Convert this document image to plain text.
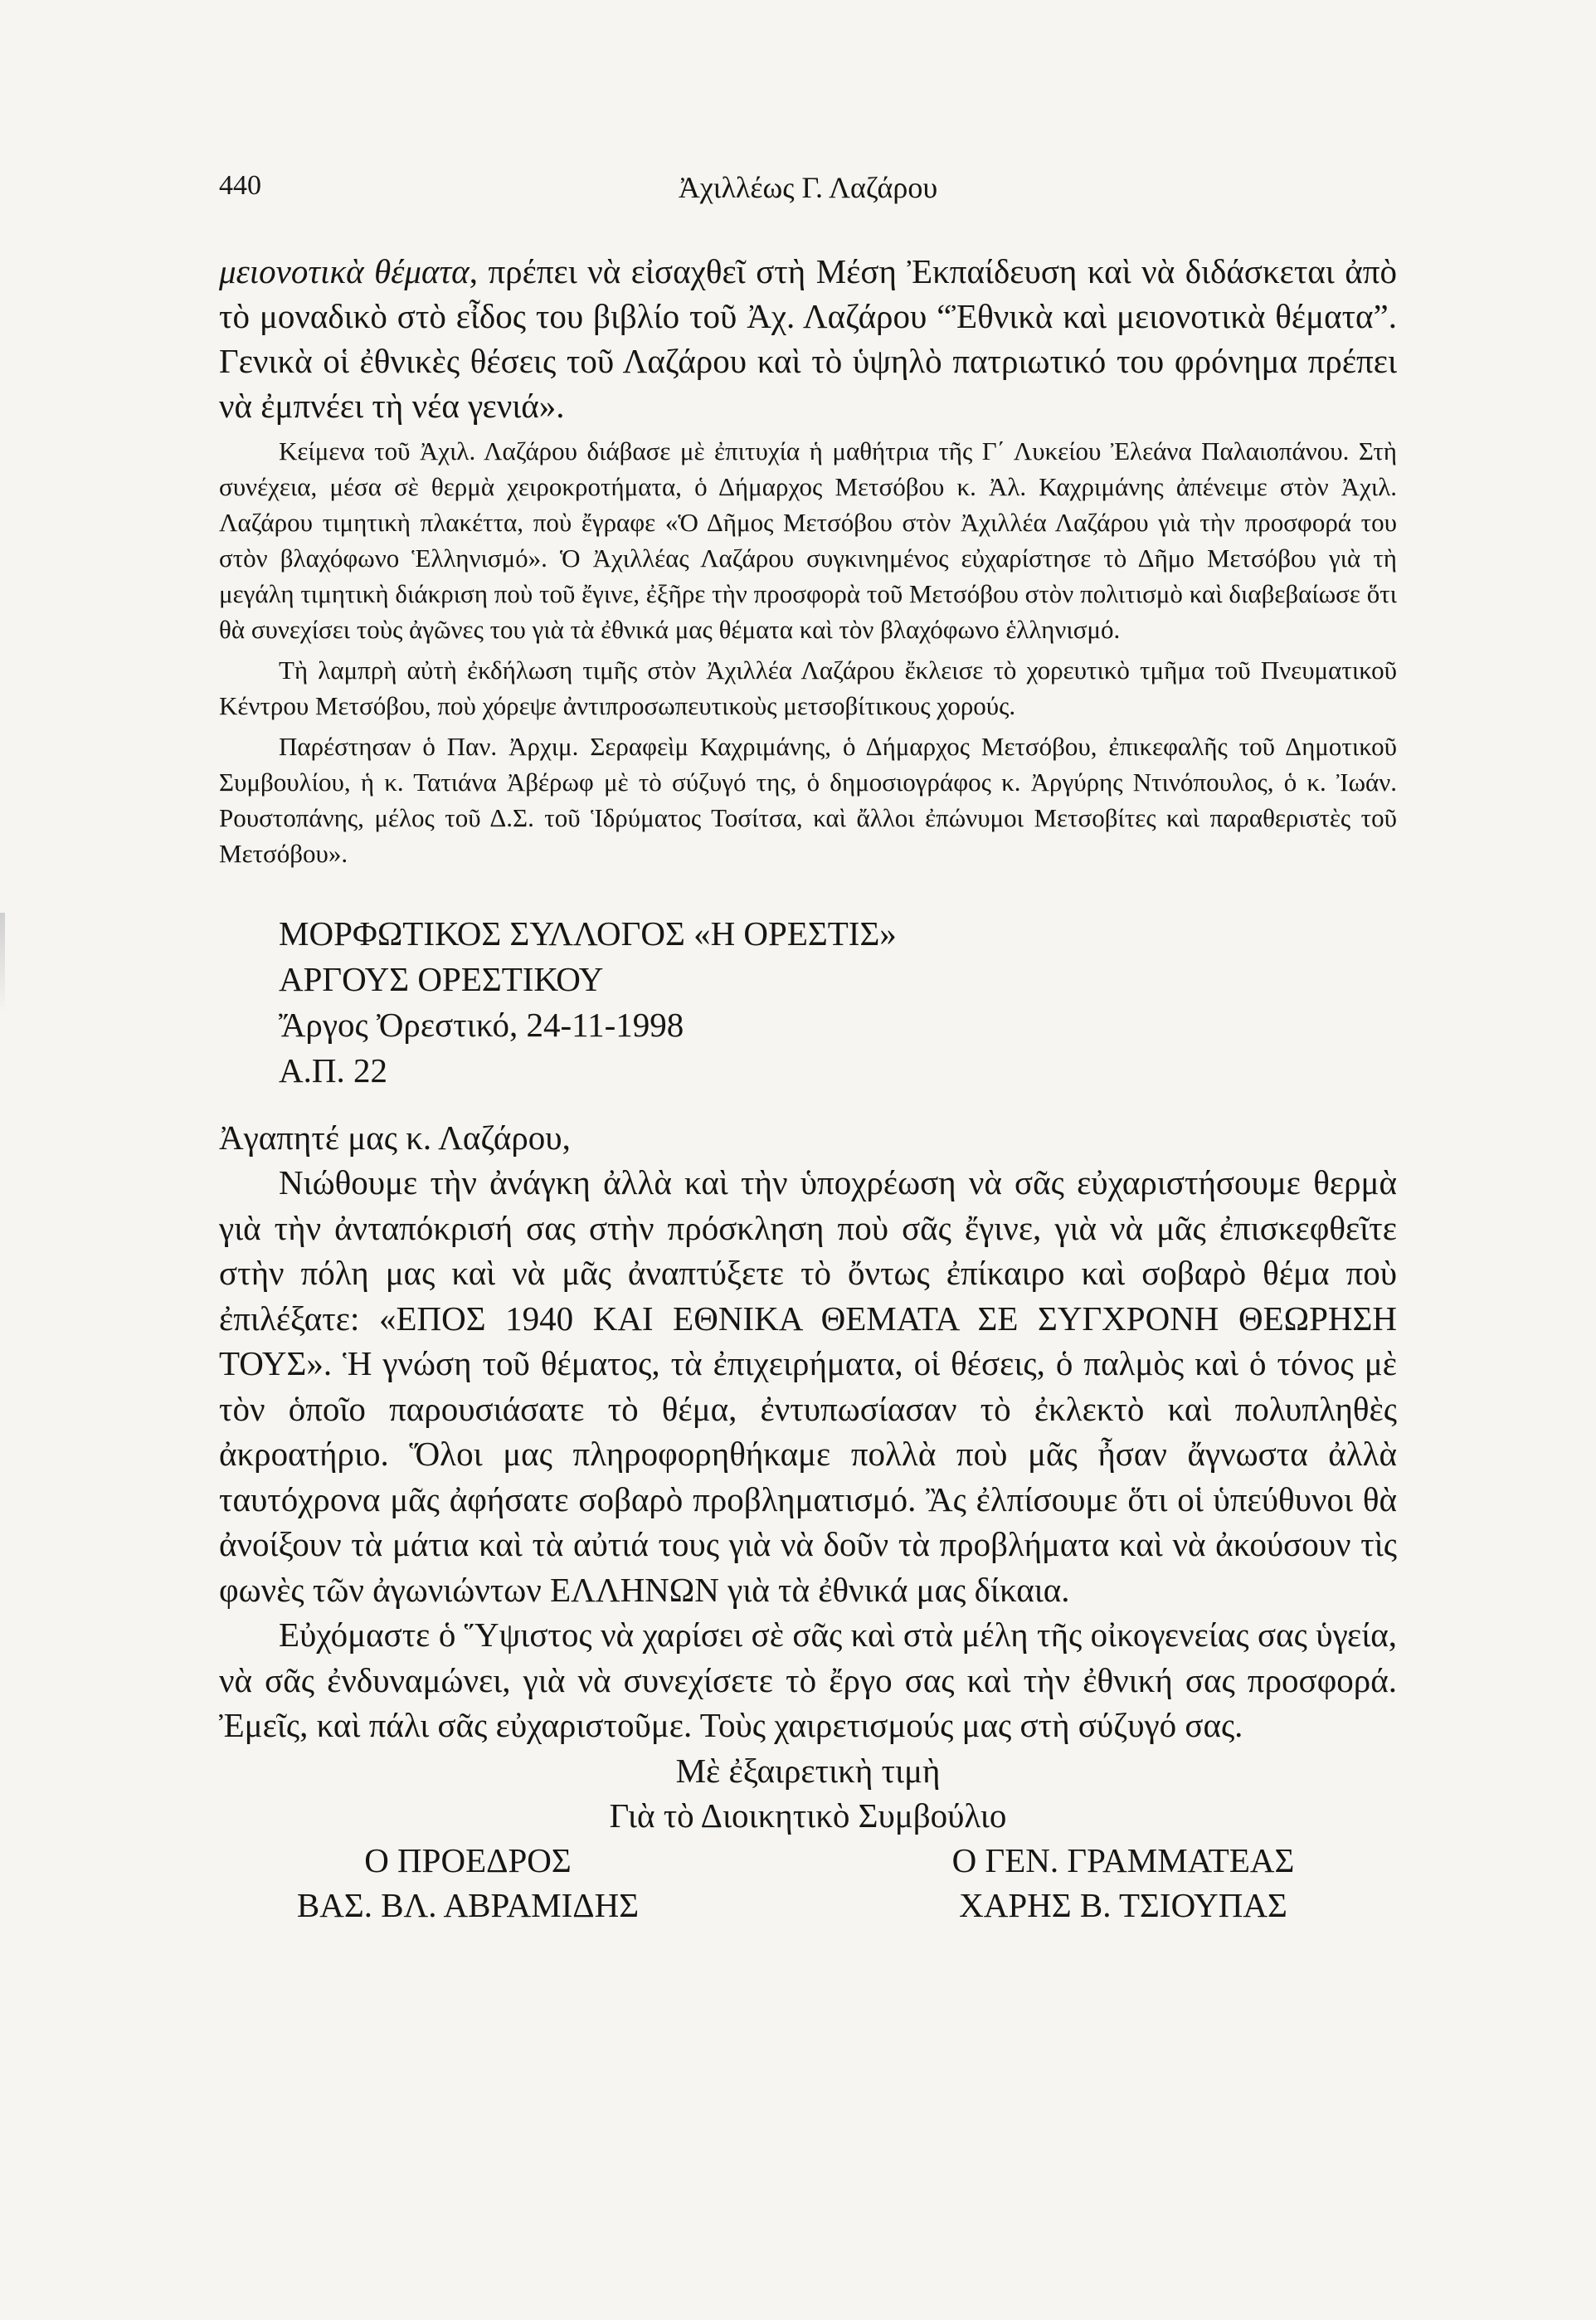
440	Ἀχιλλέως Γ. Λαζάρου

μειονοτικὰ θέματα, πρέπει νὰ εἰσαχθεῖ στὴ Μέση Ἐκπαίδευση καὶ νὰ διδάσκεται ἀπὸ τὸ μοναδικὸ στὸ εἶδος του βιβλίο τοῦ Ἀχ. Λαζάρου “Ἐθνικὰ καὶ μειονοτικὰ θέματα”. Γενικὰ οἱ ἐθνικὲς θέσεις τοῦ Λαζάρου καὶ τὸ ὑψηλὸ πατριωτικό του φρόνημα πρέπει νὰ ἐμπνέει τὴ νέα γενιά».

Κείμενα τοῦ Ἀχιλ. Λαζάρου διάβασε μὲ ἐπιτυχία ἡ μαθήτρια τῆς Γ΄ Λυκείου Ἐλεάνα Παλαιοπάνου. Στὴ συνέχεια, μέσα σὲ θερμὰ χειροκροτήματα, ὁ Δήμαρχος Μετσόβου κ. Ἀλ. Καχριμάνης ἀπένειμε στὸν Ἀχιλ. Λαζάρου τιμητικὴ πλακέττα, ποὺ ἔγραφε «Ὁ Δῆμος Μετσόβου στὸν Ἀχιλλέα Λαζάρου γιὰ τὴν προσφορά του στὸν βλαχόφωνο Ἑλληνισμό». Ὁ Ἀχιλλέας Λαζάρου συγκινημένος εὐχαρίστησε τὸ Δῆμο Μετσόβου γιὰ τὴ μεγάλη τιμητικὴ διάκριση ποὺ τοῦ ἔγινε, ἐξῆρε τὴν προσφορὰ τοῦ Μετσόβου στὸν πολιτισμὸ καὶ διαβεβαίωσε ὅτι θὰ συνεχίσει τοὺς ἀγῶνες του γιὰ τὰ ἐθνικά μας θέματα καὶ τὸν βλαχόφωνο ἑλληνισμό.

Τὴ λαμπρὴ αὐτὴ ἐκδήλωση τιμῆς στὸν Ἀχιλλέα Λαζάρου ἔκλεισε τὸ χορευτικὸ τμῆμα τοῦ Πνευματικοῦ Κέντρου Μετσόβου, ποὺ χόρεψε ἀντιπροσωπευτικοὺς μετσοβίτικους χορούς.

Παρέστησαν ὁ Παν. Ἀρχιμ. Σεραφεὶμ Καχριμάνης, ὁ Δήμαρχος Μετσόβου, ἐπικεφαλῆς τοῦ Δημοτικοῦ Συμβουλίου, ἡ κ. Τατιάνα Ἀβέρωφ μὲ τὸ σύζυγό της, ὁ δημοσιογράφος κ. Ἀργύρης Ντινόπουλος, ὁ κ. Ἰωάν. Ρουστοπάνης, μέλος τοῦ Δ.Σ. τοῦ Ἱδρύματος Τοσίτσα, καὶ ἄλλοι ἐπώνυμοι Μετσοβίτες καὶ παραθεριστὲς τοῦ Μετσόβου».

ΜΟΡΦΩΤΙΚΟΣ ΣΥΛΛΟΓΟΣ «Η ΟΡΕΣΤΙΣ»
ΑΡΓΟΥΣ ΟΡΕΣΤΙΚΟΥ
Ἄργος Ὀρεστικό, 24-11-1998
Α.Π. 22
Ἀγαπητέ μας κ. Λαζάρου,

Νιώθουμε τὴν ἀνάγκη ἀλλὰ καὶ τὴν ὑποχρέωση νὰ σᾶς εὐχαριστήσουμε θερμὰ γιὰ τὴν ἀνταπόκρισή σας στὴν πρόσκληση ποὺ σᾶς ἔγινε, γιὰ νὰ μᾶς ἐπισκεφθεῖτε στὴν πόλη μας καὶ νὰ μᾶς ἀναπτύξετε τὸ ὄντως ἐπίκαιρο καὶ σοβαρὸ θέμα ποὺ ἐπιλέξατε: «ΕΠΟΣ 1940 ΚΑΙ ΕΘΝΙΚΑ ΘΕΜΑΤΑ ΣΕ ΣΥΓΧΡΟΝΗ ΘΕΩΡΗΣΗ ΤΟΥΣ». Ἡ γνώση τοῦ θέματος, τὰ ἐπιχειρήματα, οἱ θέσεις, ὁ παλμὸς καὶ ὁ τόνος μὲ τὸν ὁποῖο παρουσιάσατε τὸ θέμα, ἐντυπωσίασαν τὸ ἐκλεκτὸ καὶ πολυπληθὲς ἀκροατήριο. Ὅλοι μας πληροφορηθήκαμε πολλὰ ποὺ μᾶς ἦσαν ἄγνωστα ἀλλὰ ταυτόχρονα μᾶς ἀφήσατε σοβαρὸ προβληματισμό. Ἂς ἐλπίσουμε ὅτι οἱ ὑπεύθυνοι θὰ ἀνοίξουν τὰ μάτια καὶ τὰ αὐτιά τους γιὰ νὰ δοῦν τὰ προβλήματα καὶ νὰ ἀκούσουν τὶς φωνὲς τῶν ἀγωνιώντων ΕΛΛΗΝΩΝ γιὰ τὰ ἐθνικά μας δίκαια.

Εὐχόμαστε ὁ Ὕψιστος νὰ χαρίσει σὲ σᾶς καὶ στὰ μέλη τῆς οἰκογενείας σας ὑγεία, νὰ σᾶς ἐνδυναμώνει, γιὰ νὰ συνεχίσετε τὸ ἔργο σας καὶ τὴν ἐθνική σας προσφορά. Ἐμεῖς, καὶ πάλι σᾶς εὐχαριστοῦμε. Τοὺς χαιρετισμούς μας στὴ σύζυγό σας.

Μὲ ἐξαιρετικὴ τιμὴ
Γιὰ τὸ Διοικητικὸ Συμβούλιο
Ο ΠΡΟΕΔΡΟΣ
ΒΑΣ. ΒΛ. ΑΒΡΑΜΙΔΗΣ
Ο ΓΕΝ. ΓΡΑΜΜΑΤΕΑΣ
ΧΑΡΗΣ Β. ΤΣΙΟΥΠΑΣ
